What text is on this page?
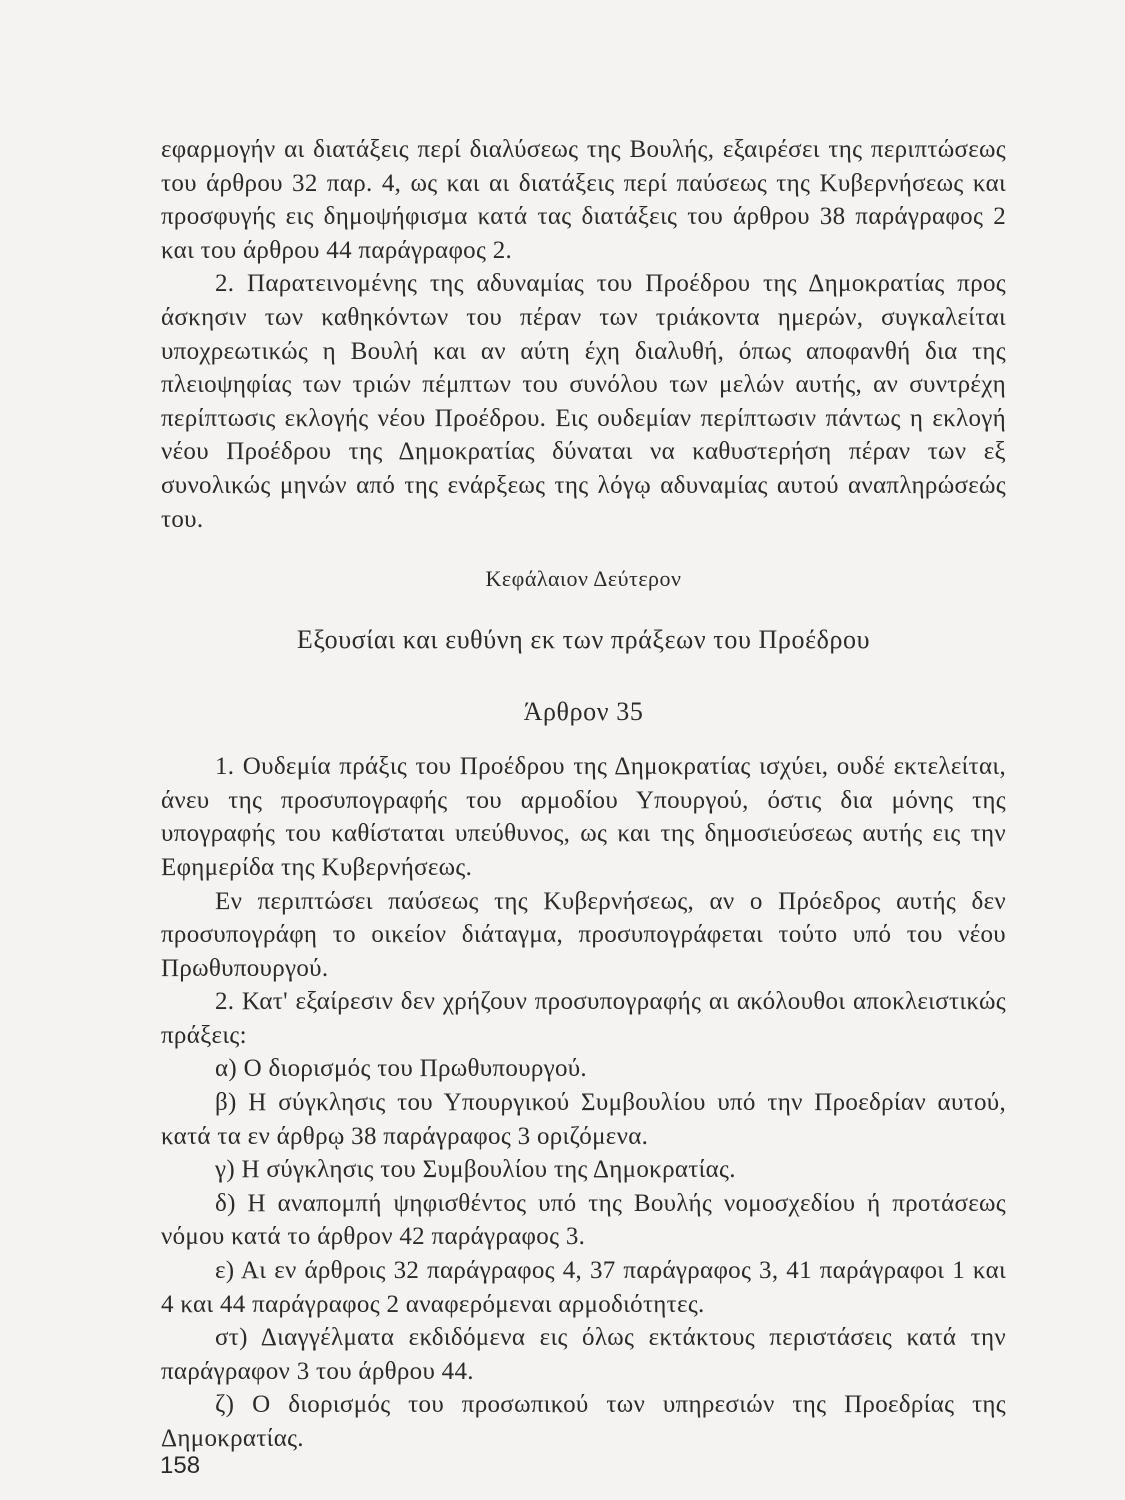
εφαρμογήν αι διατάξεις περί διαλύσεως της Βουλής, εξαιρέσει της περιπτώσεως του άρθρου 32 παρ. 4, ως και αι διατάξεις περί παύσεως της Κυβερνήσεως και προσφυγής εις δημοψήφισμα κατά τας διατάξεις του άρθρου 38 παράγραφος 2 και του άρθρου 44 παράγραφος 2.

2. Παρατεινομένης της αδυναμίας του Προέδρου της Δημοκρατίας προς άσκησιν των καθηκόντων του πέραν των τριάκοντα ημερών, συγκαλείται υποχρεωτικώς η Βουλή και αν αύτη έχη διαλυθή, όπως αποφανθή δια της πλειοψηφίας των τριών πέμπτων του συνόλου των μελών αυτής, αν συντρέχη περίπτωσις εκλογής νέου Προέδρου. Εις ουδεμίαν περίπτωσιν πάντως η εκλογή νέου Προέδρου της Δημοκρατίας δύναται να καθυστερήση πέραν των εξ συνολικώς μηνών από της ενάρξεως της λόγῳ αδυναμίας αυτού αναπληρώσεώς του.

Κεφάλαιον Δεύτερον
Εξουσίαι και ευθύνη εκ των πράξεων του Προέδρου
Άρθρον 35

1. Ουδεμία πράξις του Προέδρου της Δημοκρατίας ισχύει, ουδέ εκτελείται, άνευ της προσυπογραφής του αρμοδίου Υπουργού, όστις δια μόνης της υπογραφής του καθίσταται υπεύθυνος, ως και της δημοσιεύσεως αυτής εις την Εφημερίδα της Κυβερνήσεως.

Εν περιπτώσει παύσεως της Κυβερνήσεως, αν ο Πρόεδρος αυτής δεν προσυπογράφη το οικείον διάταγμα, προσυπογράφεται τούτο υπό του νέου Πρωθυπουργού.

2. Κατ' εξαίρεσιν δεν χρήζουν προσυπογραφής αι ακόλουθοι αποκλειστικώς πράξεις:

α) Ο διορισμός του Πρωθυπουργού.

β) Η σύγκλησις του Υπουργικού Συμβουλίου υπό την Προεδρίαν αυτού, κατά τα εν άρθρῳ 38 παράγραφος 3 οριζόμενα.

γ) Η σύγκλησις του Συμβουλίου της Δημοκρατίας.

δ) Η αναπομπή ψηφισθέντος υπό της Βουλής νομοσχεδίου ή προτάσεως νόμου κατά το άρθρον 42 παράγραφος 3.

ε) Αι εν άρθροις 32 παράγραφος 4, 37 παράγραφος 3, 41 παράγραφοι 1 και 4 και 44 παράγραφος 2 αναφερόμεναι αρμοδιότητες.

στ) Διαγγέλματα εκδιδόμενα εις όλως εκτάκτους περιστάσεις κατά την παράγραφον 3 του άρθρου 44.

ζ) Ο διορισμός του προσωπικού των υπηρεσιών της Προεδρίας της Δημοκρατίας.

158
